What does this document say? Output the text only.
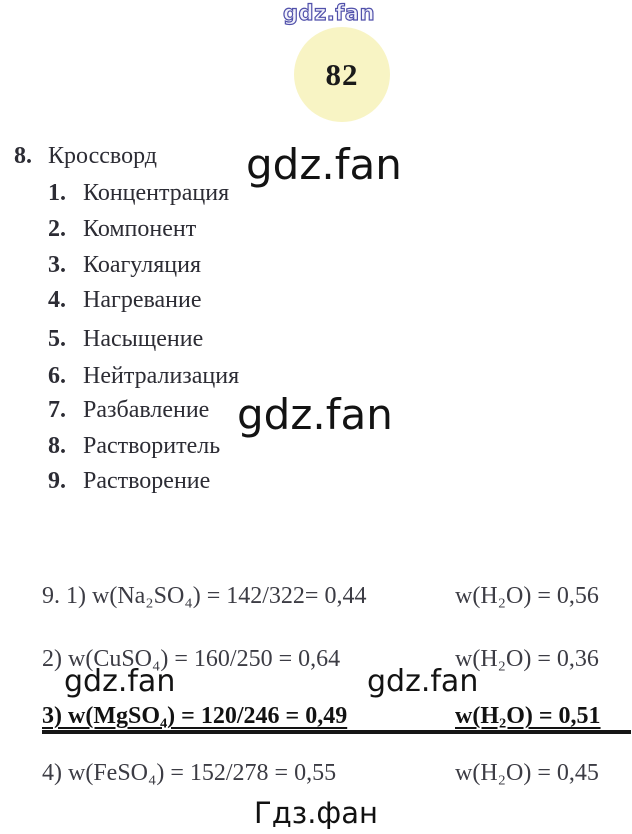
gdz.fan
82
8. Кроссворд
1. Концентрация
2. Компонент
3. Коагуляция
4. Нагревание
5. Насыщение
6. Нейтрализация
7. Разбавление
8. Растворитель
9. Растворение
gdz.fan
gdz.fan
9. 1) w(Na₂SO₄) = 142/322= 0,44	w(H₂O) = 0,56
2) w(CuSO₄) = 160/250 = 0,64	w(H₂O) = 0,36
3) w(MgSO₄) = 120/246 = 0,49	w(H₂O) = 0,51
4) w(FeSO₄) = 152/278 = 0,55	w(H₂O) = 0,45
gdz.fan	gdz.fan
Гдз.фан
